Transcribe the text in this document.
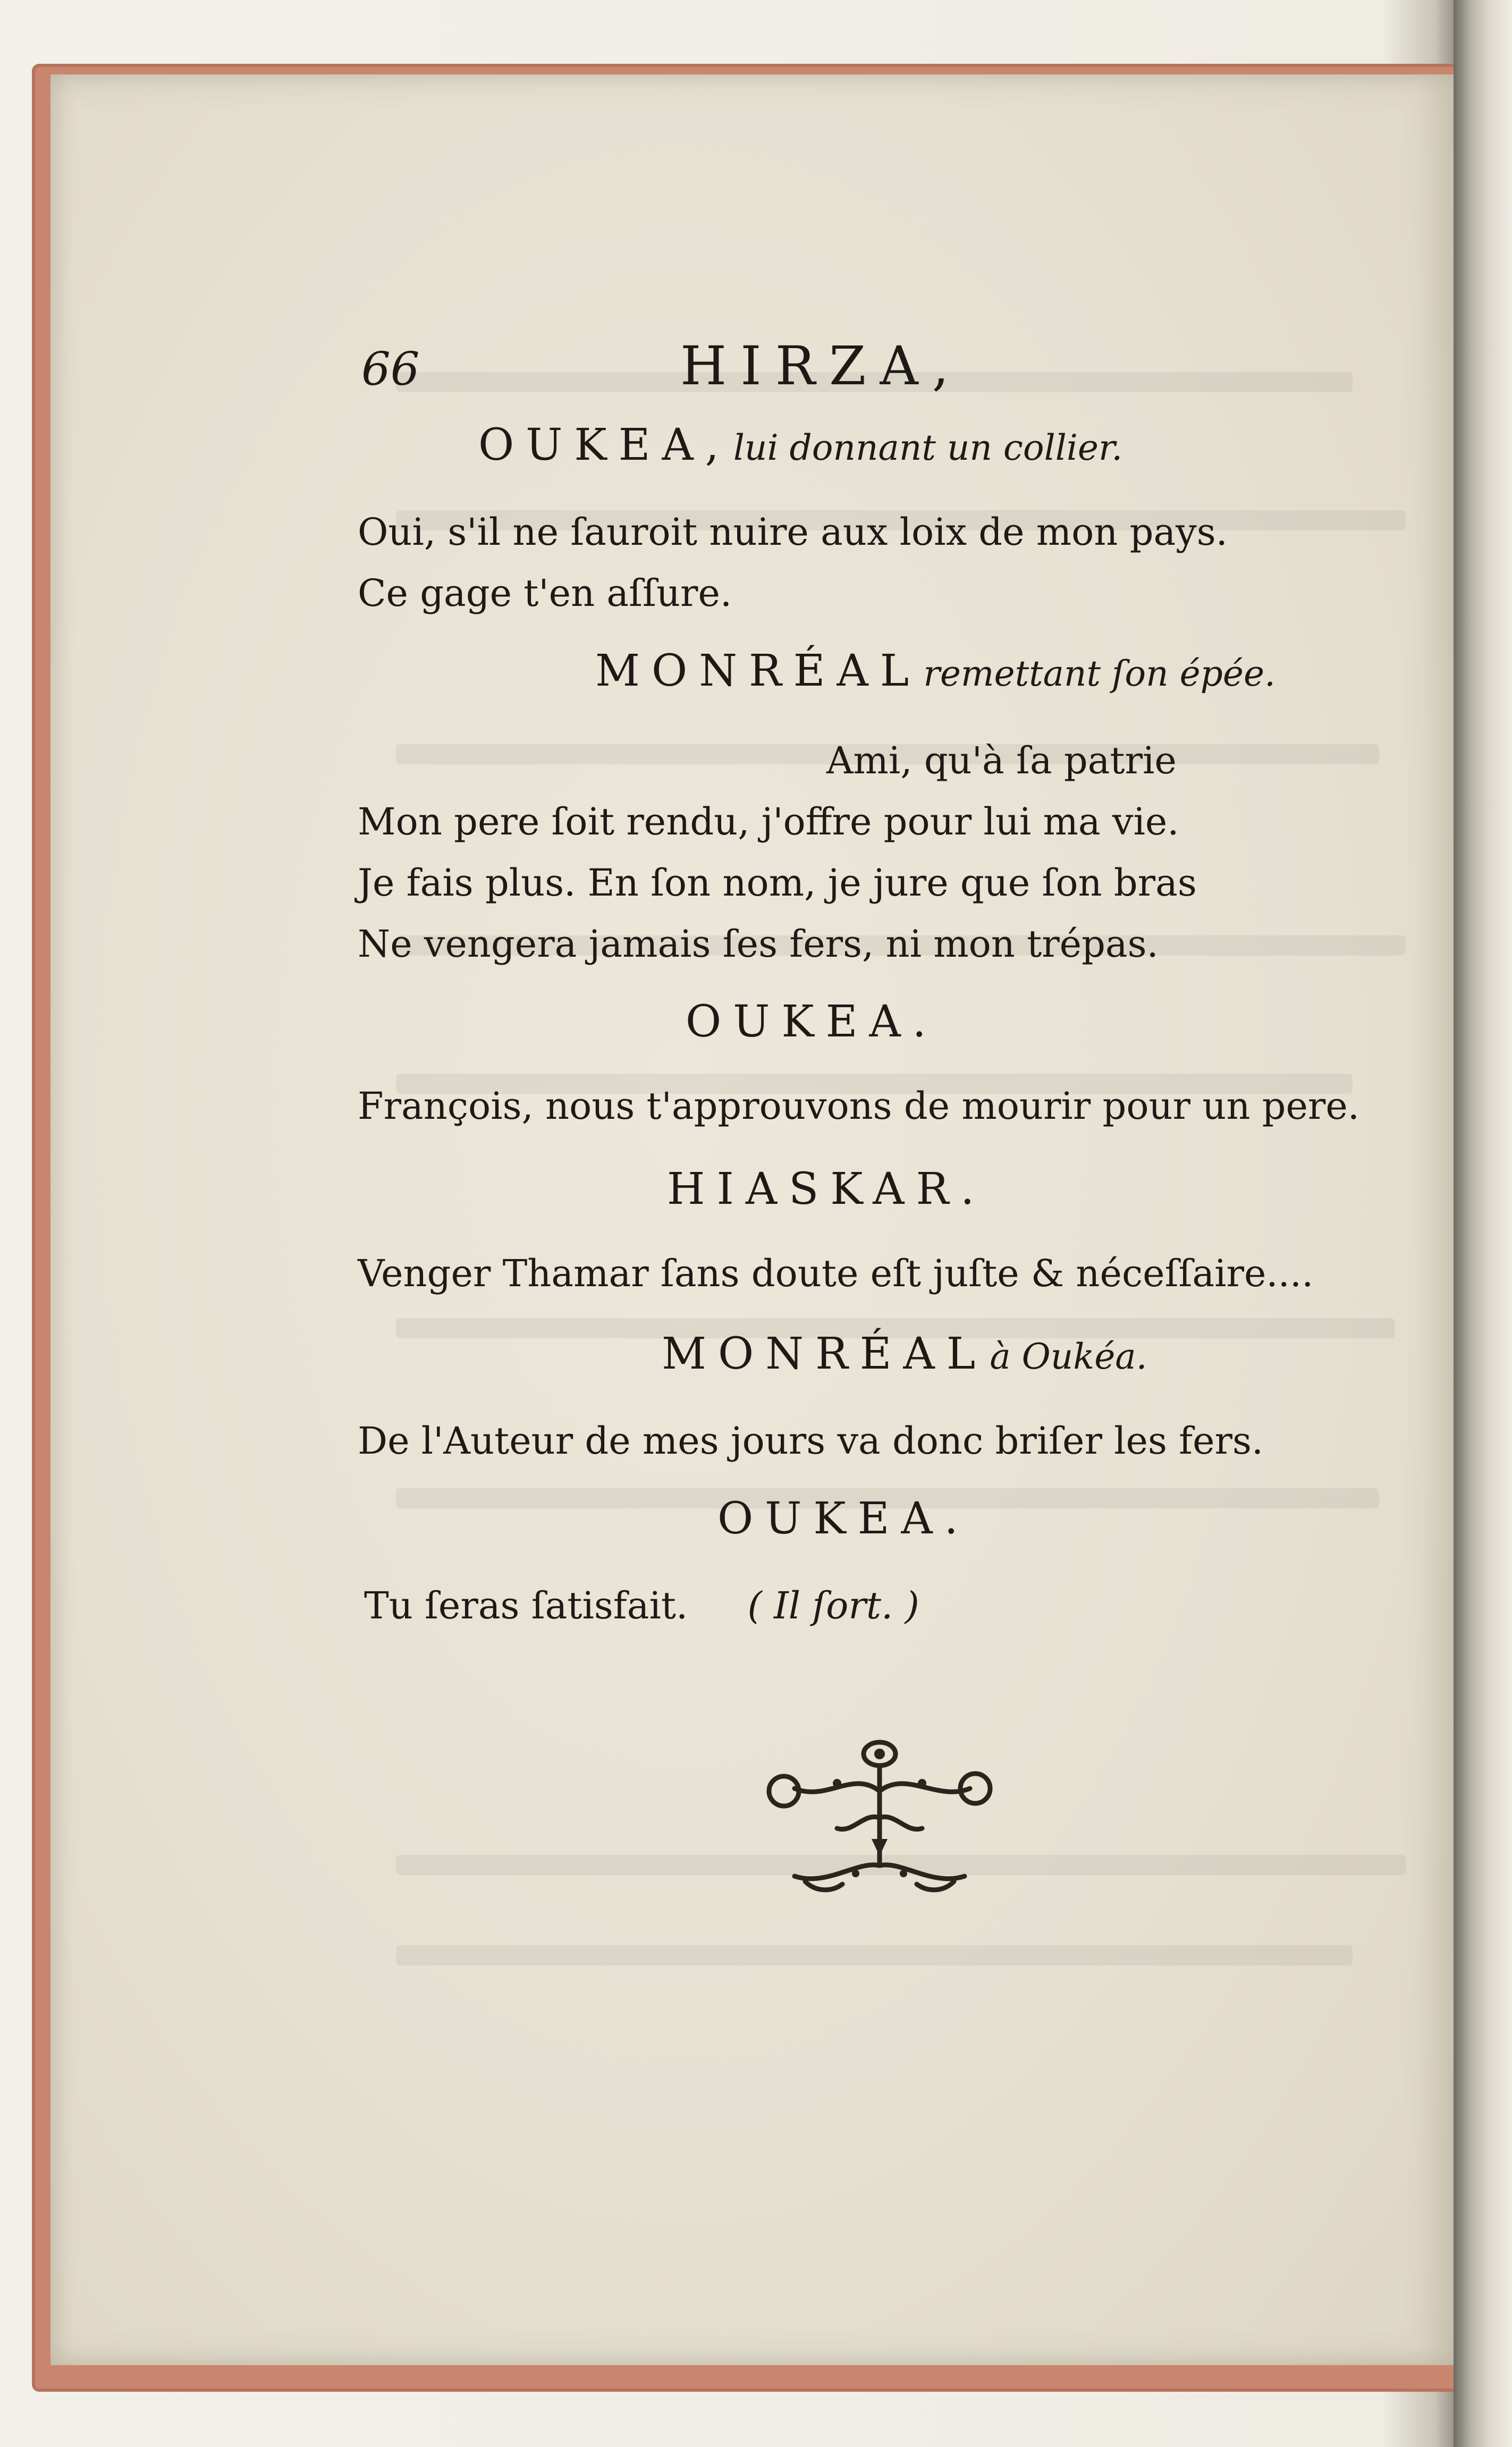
66	HIRZA,
OUKEA, lui donnant un collier.
Oui, s'il ne ſauroit nuire aux loix de mon pays.
Ce gage t'en aſſure.
MONRÉAL remettant ſon épée.
Ami, qu'à ſa patrie
Mon pere ſoit rendu, j'offre pour lui ma vie.
Je fais plus. En ſon nom, je jure que ſon bras
Ne vengera jamais ſes fers, ni mon trépas.
OUKEA.
François, nous t'approuvons de mourir pour un pere.
HIASKAR.
Venger Thamar ſans doute eſt juſte & néceſſaire....
MONRÉAL à Oukéa.
De l'Auteur de mes jours va donc briſer les fers.
OUKEA.
Tu ſeras ſatisfait. ( Il ſort. )
